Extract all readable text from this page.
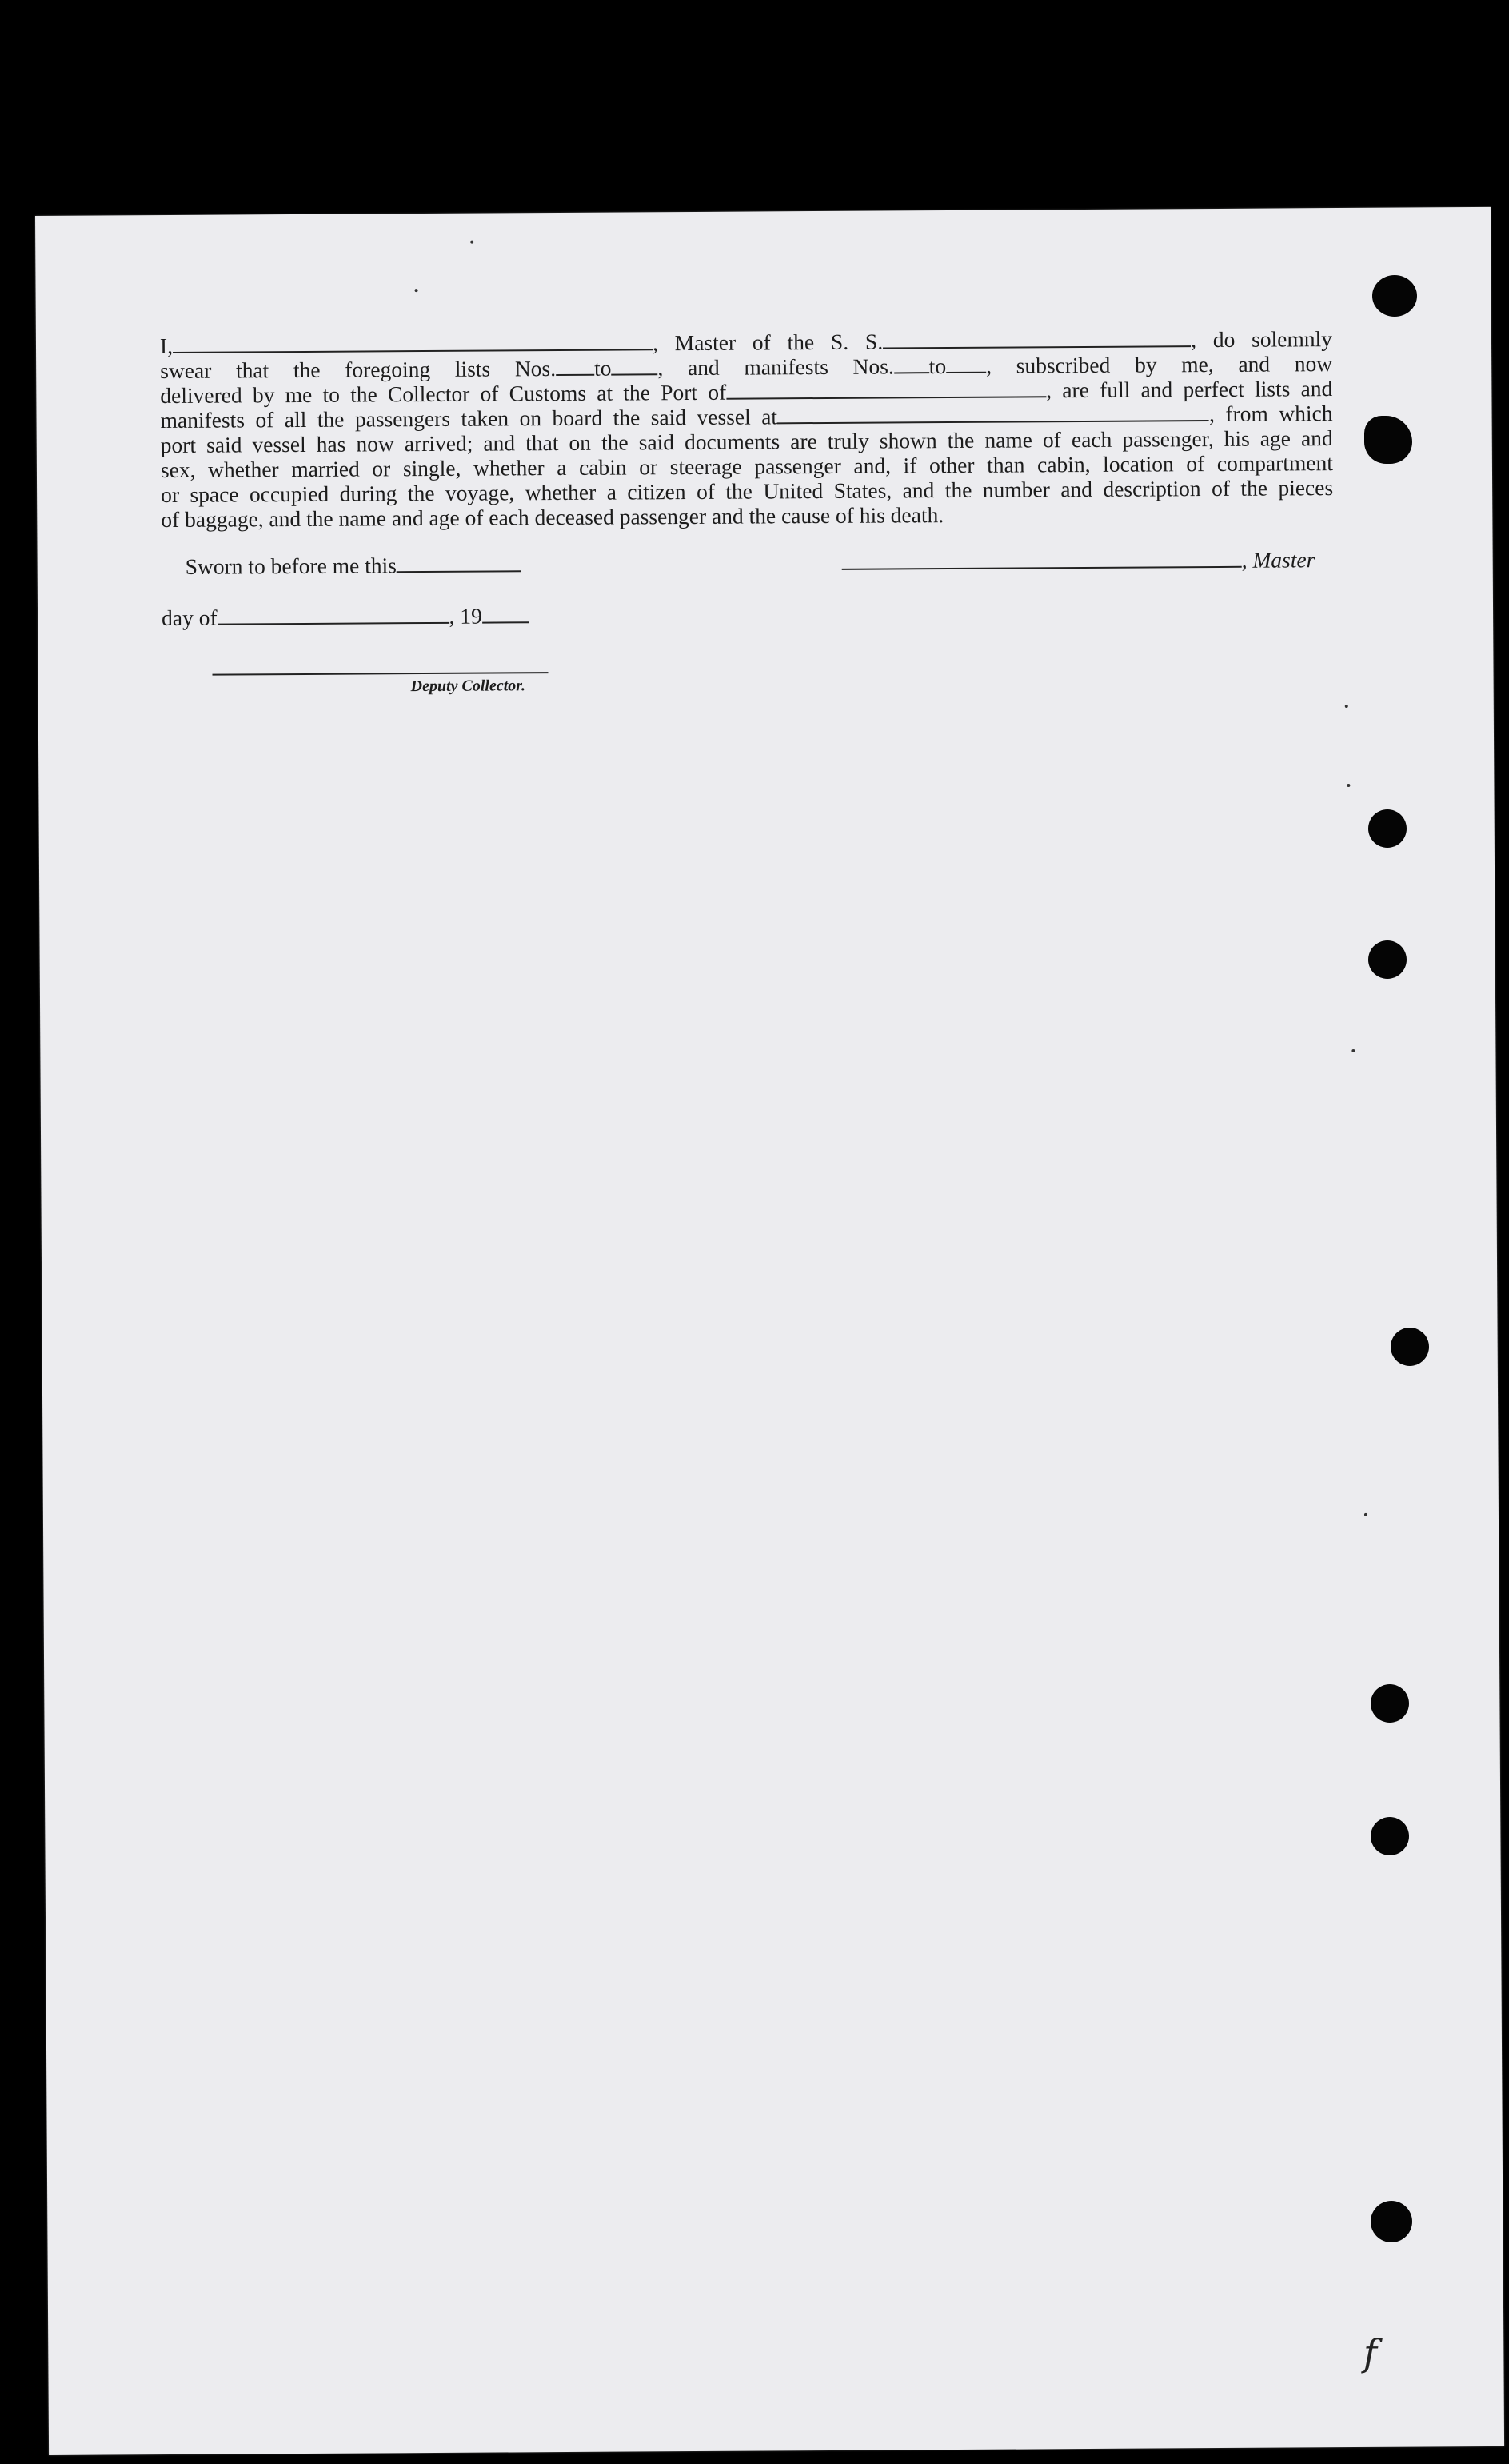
I,	, Master of the S. S.	, do solemnly
swear that the foregoing lists Nos. to , and manifests Nos. to , subscribed by me, and now
delivered by me to the Collector of Customs at the Port of	, are full and perfect lists and
manifests of all the passengers taken on board the said vessel at	, from which
port said vessel has now arrived; and that on the said documents are truly shown the name of each passenger, his age and
sex, whether married or single, whether a cabin or steerage passenger and, if other than cabin, location of compartment
or space occupied during the voyage, whether a citizen of the United States, and the number and description of the pieces
of baggage, and the name and age of each deceased passenger and the cause of his death.
Sworn to before me this	, Master
day of	, 19
Deputy Collector.
f
